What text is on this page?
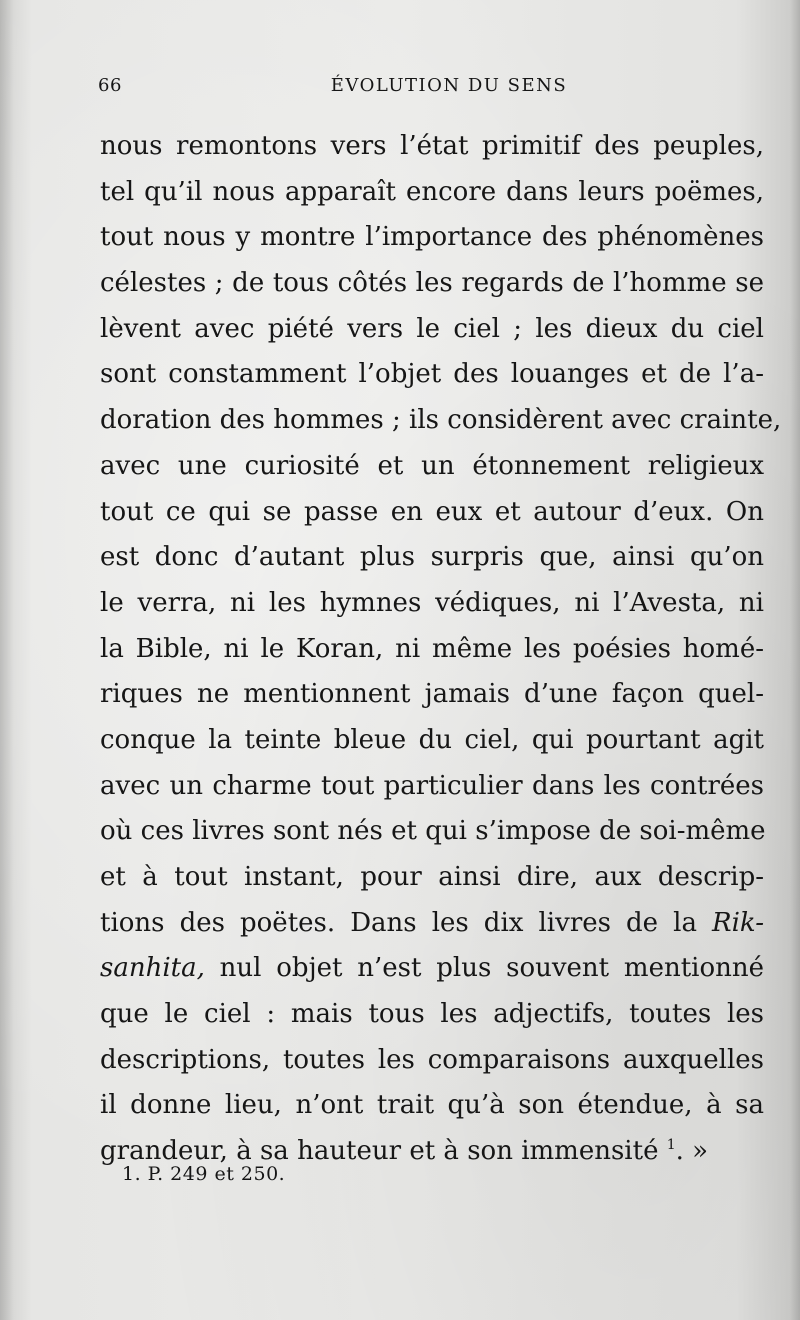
66	ÉVOLUTION DU SENS
nous remontons vers l’état primitif des peuples,
tel qu’il nous apparaît encore dans leurs poëmes,
tout nous y montre l’importance des phénomènes
célestes ; de tous côtés les regards de l’homme se
lèvent avec piété vers le ciel ; les dieux du ciel
sont constamment l’objet des louanges et de l’a-
doration des hommes ; ils considèrent avec crainte,
avec une curiosité et un étonnement religieux
tout ce qui se passe en eux et autour d’eux. On
est donc d’autant plus surpris que, ainsi qu’on
le verra, ni les hymnes védiques, ni l’Avesta, ni
la Bible, ni le Koran, ni même les poésies homé-
riques ne mentionnent jamais d’une façon quel-
conque la teinte bleue du ciel, qui pourtant agit
avec un charme tout particulier dans les contrées
où ces livres sont nés et qui s’impose de soi-même
et à tout instant, pour ainsi dire, aux descrip-
tions des poëtes. Dans les dix livres de la Rik-
sanhita, nul objet n’est plus souvent mentionné
que le ciel : mais tous les adjectifs, toutes les
descriptions, toutes les comparaisons auxquelles
il donne lieu, n’ont trait qu’à son étendue, à sa
grandeur, à sa hauteur et à son immensité $^1$. »
1. P. 249 et 250.
